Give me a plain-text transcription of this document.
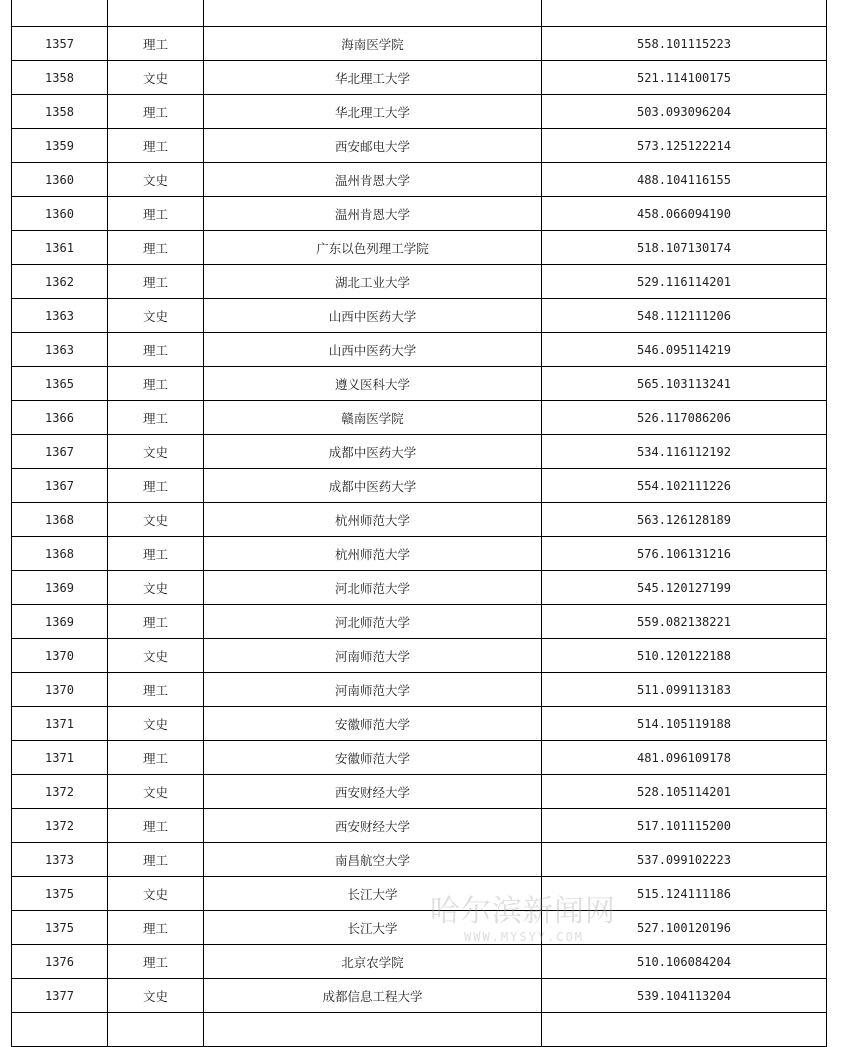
1357	理工	海南医学院	558.101115223
1358	文史	华北理工大学	521.114100175
1358	理工	华北理工大学	503.093096204
1359	理工	西安邮电大学	573.125122214
1360	文史	温州肯恩大学	488.104116155
1360	理工	温州肯恩大学	458.066094190
1361	理工	广东以色列理工学院	518.107130174
1362	理工	湖北工业大学	529.116114201
1363	文史	山西中医药大学	548.112111206
1363	理工	山西中医药大学	546.095114219
1365	理工	遵义医科大学	565.103113241
1366	理工	赣南医学院	526.117086206
1367	文史	成都中医药大学	534.116112192
1367	理工	成都中医药大学	554.102111226
1368	文史	杭州师范大学	563.126128189
1368	理工	杭州师范大学	576.106131216
1369	文史	河北师范大学	545.120127199
1369	理工	河北师范大学	559.082138221
1370	文史	河南师范大学	510.120122188
1370	理工	河南师范大学	511.099113183
1371	文史	安徽师范大学	514.105119188
1371	理工	安徽师范大学	481.096109178
1372	文史	西安财经大学	528.105114201
1372	理工	西安财经大学	517.101115200
1373	理工	南昌航空大学	537.099102223
1375	文史	长江大学	515.124111186
1375	理工	长江大学	527.100120196
1376	理工	北京农学院	510.106084204
1377	文史	成都信息工程大学	539.104113204

哈尔滨新闻网
WWW.MYSYY.COM
